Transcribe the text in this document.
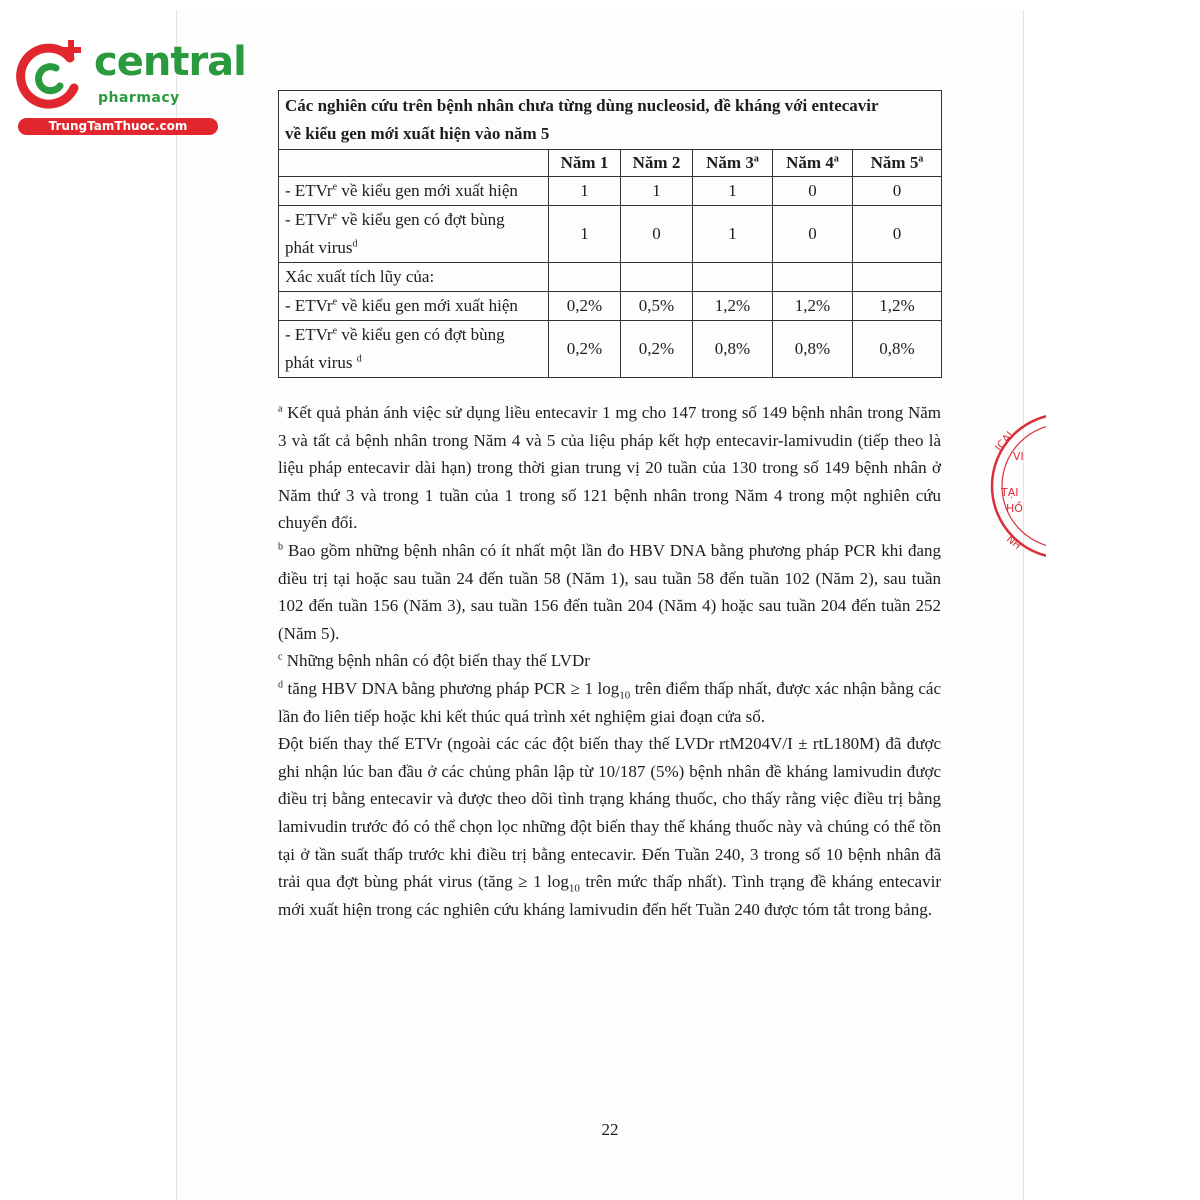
central
pharmacy
TrungTamThuoc.com
Các nghiên cứu trên bệnh nhân chưa từng dùng nucleosid, đề kháng với entecavir
về kiểu gen mới xuất hiện vào năm 5					

	Năm 1	Năm 2	Năm 3$^a$	Năm 4$^a$	Năm 5$^a$
- ETVr$^e$ về kiểu gen mới xuất hiện	1	1	1	0	0
- ETVr$^e$ về kiểu gen có đợt bùng
phát virus$^d$	1	0	1	0	0
Xác xuất tích lũy của:					
- ETVr$^e$ về kiểu gen mới xuất hiện	0,2%	0,5%	1,2%	1,2%	1,2%
- ETVr$^e$ về kiểu gen có đợt bùng
phát virus $^d$	0,2%	0,2%	0,8%	0,8%	0,8%

$^a$ Kết quả phản ánh việc sử dụng liều entecavir 1 mg cho 147 trong số 149 bệnh nhân trong Năm 3 và tất cả bệnh nhân trong Năm 4 và 5 của liệu pháp kết hợp entecavir-lamivudin (tiếp theo là liệu pháp entecavir dài hạn) trong thời gian trung vị 20 tuần của 130 trong số 149 bệnh nhân ở Năm thứ 3 và trong 1 tuần của 1 trong số 121 bệnh nhân trong Năm 4 trong một nghiên cứu chuyển đổi.

$^b$ Bao gồm những bệnh nhân có ít nhất một lần đo HBV DNA bằng phương pháp PCR khi đang điều trị tại hoặc sau tuần 24 đến tuần 58 (Năm 1), sau tuần 58 đến tuần 102 (Năm 2), sau tuần 102 đến tuần 156 (Năm 3), sau tuần 156 đến tuần 204 (Năm 4) hoặc sau tuần 204 đến tuần 252 (Năm 5).

$^c$ Những bệnh nhân có đột biến thay thế LVDr

$^d$ tăng HBV DNA bằng phương pháp PCR ≥ 1 $\log_{10}$ trên điểm thấp nhất, được xác nhận bằng các lần đo liên tiếp hoặc khi kết thúc quá trình xét nghiệm giai đoạn cửa sổ.

Đột biến thay thế ETVr (ngoài các các đột biến thay thế LVDr rtM204V/I ± rtL180M) đã được ghi nhận lúc ban đầu ở các chủng phân lập từ 10/187 (5%) bệnh nhân đề kháng lamivudin được điều trị bằng entecavir và được theo dõi tình trạng kháng thuốc, cho thấy rằng việc điều trị bằng lamivudin trước đó có thể chọn lọc những đột biến thay thế kháng thuốc này và chúng có thể tồn tại ở tần suất thấp trước khi điều trị bằng entecavir. Đến Tuần 240, 3 trong số 10 bệnh nhân đã trải qua đợt bùng phát virus (tăng ≥ 1 $\log_{10}$ trên mức thấp nhất). Tình trạng đề kháng entecavir mới xuất hiện trong các nghiên cứu kháng lamivudin đến hết Tuần 240 được tóm tắt trong bảng.

22
ICAL
VI
TẠI
HỒ
NH
